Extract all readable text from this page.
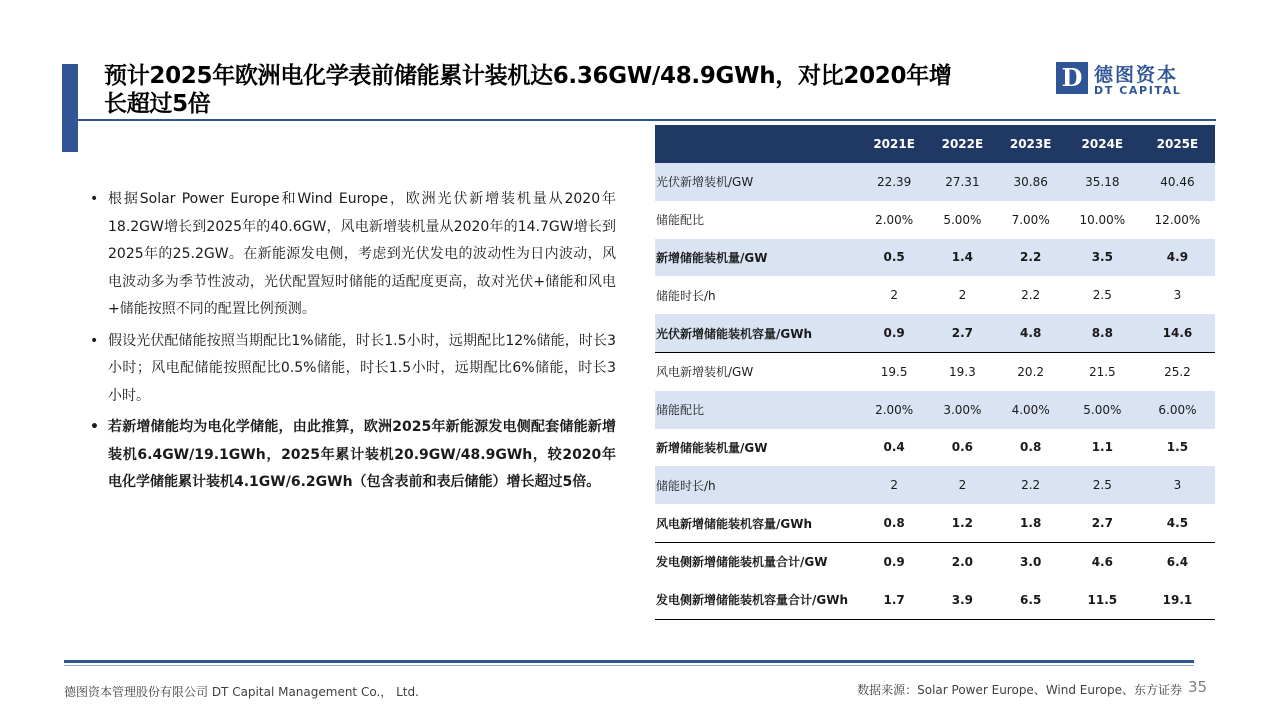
预计2025年欧洲电化学表前储能累计装机达6.36GW/48.9GWh，对比2020年增
长超过5倍
D 德图资本
DT CAPITAL
• 根据Solar Power Europe和Wind Europe，欧洲光伏新增装机量从2020年18.2GW增长到2025年的40.6GW，风电新增装机量从2020年的14.7GW增长到2025年的25.2GW。在新能源发电侧，考虑到光伏发电的波动性为日内波动，风电波动多为季节性波动，光伏配置短时储能的适配度更高，故对光伏+储能和风电+储能按照不同的配置比例预测。
• 假设光伏配储能按照当期配比1%储能，时长1.5小时，远期配比12%储能，时长3小时；风电配储能按照配比0.5%储能，时长1.5小时，远期配比6%储能，时长3小时。
• 若新增储能均为电化学储能，由此推算，欧洲2025年新能源发电侧配套储能新增装机6.4GW/19.1GWh，2025年累计装机20.9GW/48.9GWh，较2020年电化学储能累计装机4.1GW/6.2GWh（包含表前和表后储能）增长超过5倍。
	2021E	2022E	2023E	2024E	2025E
光伏新增装机/GW	22.39	27.31	30.86	35.18	40.46
储能配比	2.00%	5.00%	7.00%	10.00%	12.00%
新增储能装机量/GW	0.5	1.4	2.2	3.5	4.9
储能时长/h	2	2	2.2	2.5	3
光伏新增储能装机容量/GWh	0.9	2.7	4.8	8.8	14.6
风电新增装机/GW	19.5	19.3	20.2	21.5	25.2
储能配比	2.00%	3.00%	4.00%	5.00%	6.00%
新增储能装机量/GW	0.4	0.6	0.8	1.1	1.5
储能时长/h	2	2	2.2	2.5	3
风电新增储能装机容量/GWh	0.8	1.2	1.8	2.7	4.5
发电侧新增储能装机量合计/GW	0.9	2.0	3.0	4.6	6.4
发电侧新增储能装机容量合计/GWh	1.7	3.9	6.5	11.5	19.1
德图资本管理股份有限公司 DT Capital Management Co.， Ltd.	数据来源：Solar Power Europe、Wind Europe、东方证券 35
